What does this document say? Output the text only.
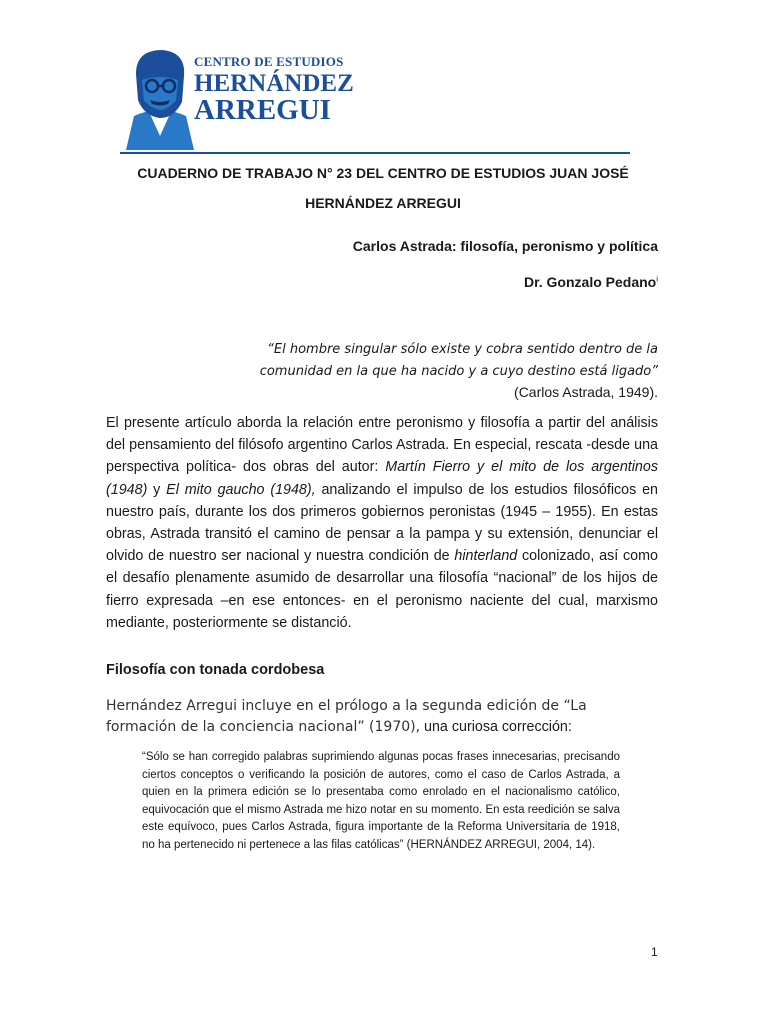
CENTRO DE ESTUDIOS
HERNÁNDEZ
ARREGUI
CUADERNO DE TRABAJO N° 23 DEL CENTRO DE ESTUDIOS JUAN JOSÉ HERNÁNDEZ ARREGUI
Carlos Astrada: filosofía, peronismo y política
Dr. Gonzalo Pedano$^i$
“El hombre singular sólo existe y cobra sentido dentro de la comunidad en la que ha nacido y a cuyo destino está ligado”
(Carlos Astrada, 1949).
El presente artículo aborda la relación entre peronismo y filosofía a partir del análisis del pensamiento del filósofo argentino Carlos Astrada. En especial, rescata -desde una perspectiva política- dos obras del autor: Martín Fierro y el mito de los argentinos (1948) y El mito gaucho (1948), analizando el impulso de los estudios filosóficos en nuestro país, durante los dos primeros gobiernos peronistas (1945 – 1955). En estas obras, Astrada transitó el camino de pensar a la pampa y su extensión, denunciar el olvido de nuestro ser nacional y nuestra condición de hinterland colonizado, así como el desafío plenamente asumido de desarrollar una filosofía “nacional” de los hijos de fierro expresada –en ese entonces- en el peronismo naciente del cual, marxismo mediante, posteriormente se distanció.
Filosofía con tonada cordobesa
Hernández Arregui incluye en el prólogo a la segunda edición de “La formación de la conciencia nacional” (1970), una curiosa corrección:
“Sólo se han corregido palabras suprimiendo algunas pocas frases innecesarias, precisando ciertos conceptos o verificando la posición de autores, como el caso de Carlos Astrada, a quien en la primera edición se lo presentaba como enrolado en el nacionalismo católico, equivocación que el mismo Astrada me hizo notar en su momento. En esta reedición se salva este equívoco, pues Carlos Astrada, figura importante de la Reforma Universitaria de 1918, no ha pertenecido ni pertenece a las filas católicas” (HERNÁNDEZ ARREGUI, 2004, 14).
1
